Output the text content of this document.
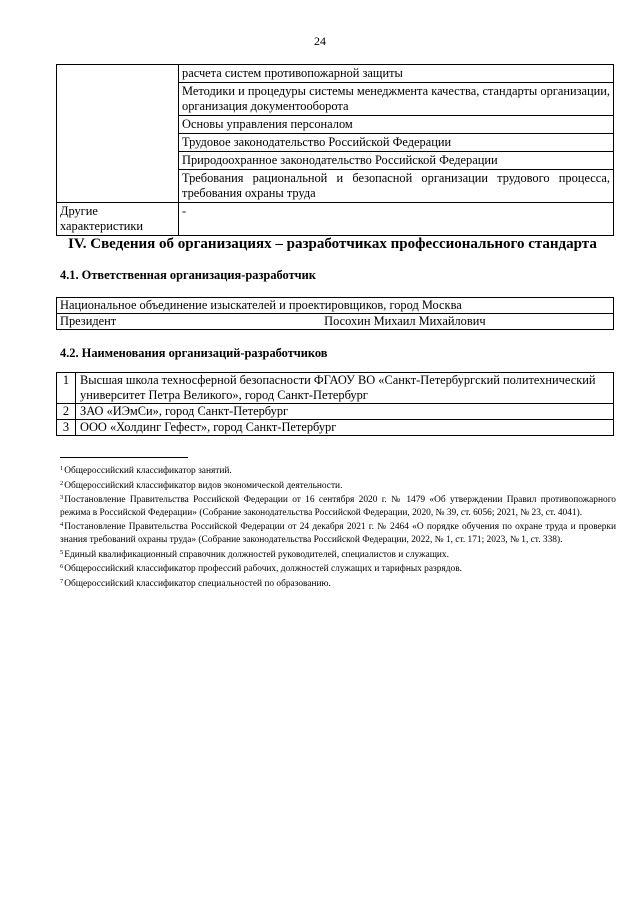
24
	расчета систем противопожарной защиты
	Методики и процедуры системы менеджмента качества, стандарты организации, организация документооборота
	Основы управления персоналом
	Трудовое законодательство Российской Федерации
	Природоохранное законодательство Российской Федерации
	Требования рациональной и безопасной организации трудового процесса, требования охраны труда
Другие характеристики	-
IV. Сведения об организациях – разработчиках профессионального стандарта
4.1. Ответственная организация-разработчик
Национальное объединение изыскателей и проектировщиков, город Москва
Президент	Посохин Михаил Михайлович
4.2. Наименования организаций-разработчиков
1	Высшая школа техносферной безопасности ФГАОУ ВО «Санкт-Петербургский политехнический университет Петра Великого», город Санкт-Петербург
2	ЗАО «ИЭмСи», город Санкт-Петербург
3	ООО «Холдинг Гефест», город Санкт-Петербург

$^1$Общероссийский классификатор занятий.

$^2$Общероссийский классификатор видов экономической деятельности.

$^3$Постановление Правительства Российской Федерации от 16 сентября 2020 г. № 1479 «Об утверждении Правил противопожарного режима в Российской Федерации» (Собрание законодательства Российской Федерации, 2020, № 39, ст. 6056; 2021, № 23, ст. 4041).

$^4$Постановление Правительства Российской Федерации от 24 декабря 2021 г. № 2464 «О порядке обучения по охране труда и проверки знания требований охраны труда» (Собрание законодательства Российской Федерации, 2022, № 1, ст. 171; 2023, № 1, ст. 338).

$^5$Единый квалификационный справочник должностей руководителей, специалистов и служащих.

$^6$Общероссийский классификатор профессий рабочих, должностей служащих и тарифных разрядов.

$^7$Общероссийский классификатор специальностей по образованию.
